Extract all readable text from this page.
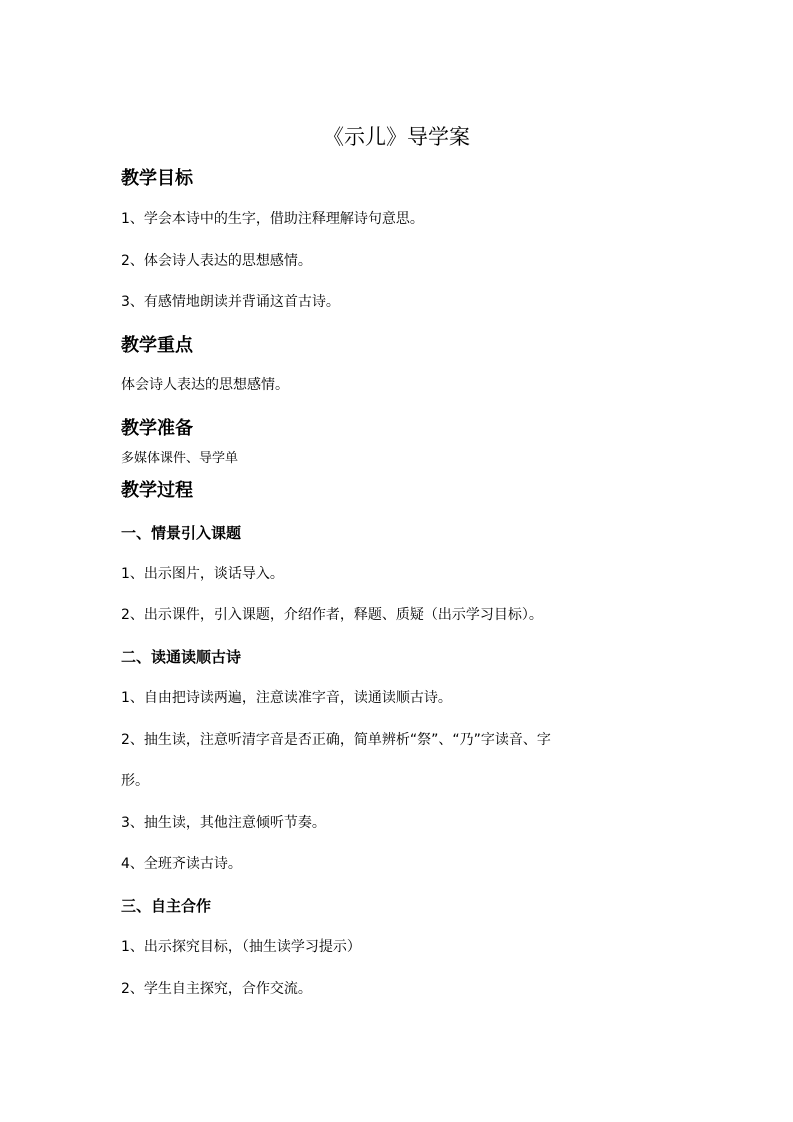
《示儿》导学案
教学目标

1、学会本诗中的生字，借助注释理解诗句意思。

2、体会诗人表达的思想感情。

3、有感情地朗读并背诵这首古诗。

教学重点

体会诗人表达的思想感情。

教学准备

多媒体课件、导学单

教学过程
一、情景引入课题

1、出示图片，谈话导入。

2、出示课件，引入课题，介绍作者，释题、质疑（出示学习目标）。

二、读通读顺古诗

1、自由把诗读两遍，注意读准字音，读通读顺古诗。

2、抽生读，注意听清字音是否正确，简单辨析“祭”、“乃”字读音、字

形。

3、抽生读，其他注意倾听节奏。

4、全班齐读古诗。

三、自主合作

1、出示探究目标，（抽生读学习提示）

2、学生自主探究，合作交流。
